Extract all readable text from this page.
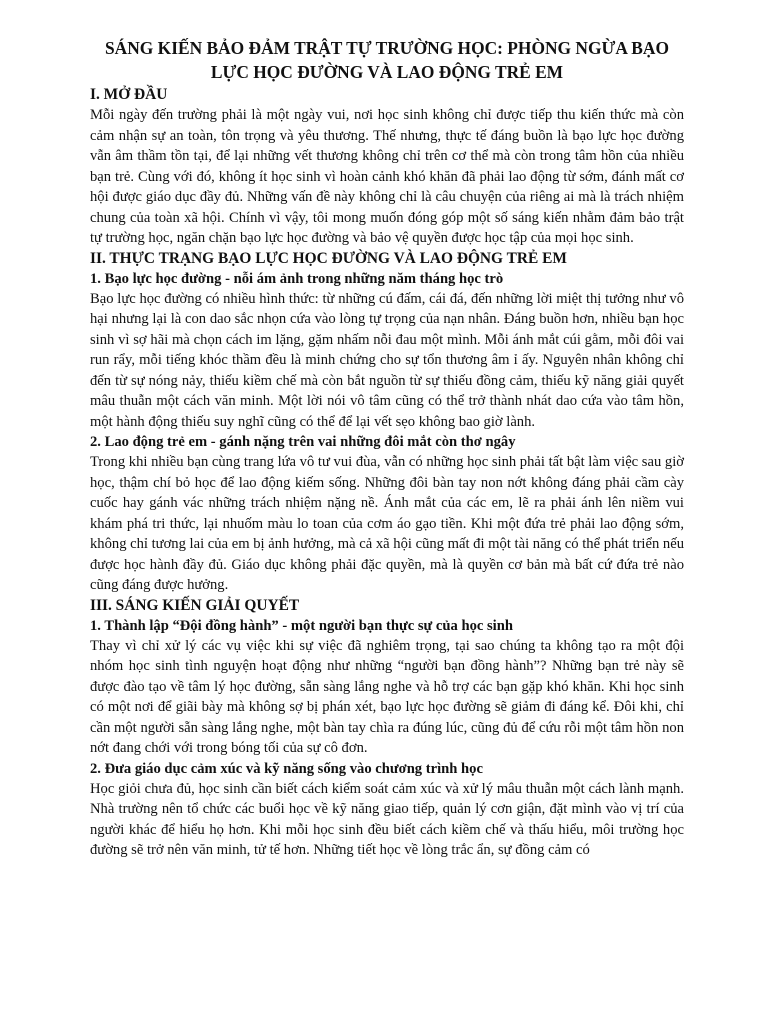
SÁNG KIẾN BẢO ĐẢM TRẬT TỰ TRƯỜNG HỌC: PHÒNG NGỪA BẠO LỰC HỌC ĐƯỜNG VÀ LAO ĐỘNG TRẺ EM
I. MỞ ĐẦU

Mỗi ngày đến trường phải là một ngày vui, nơi học sinh không chỉ được tiếp thu kiến thức mà còn cảm nhận sự an toàn, tôn trọng và yêu thương. Thế nhưng, thực tế đáng buồn là bạo lực học đường vẫn âm thầm tồn tại, để lại những vết thương không chỉ trên cơ thể mà còn trong tâm hồn của nhiều bạn trẻ. Cùng với đó, không ít học sinh vì hoàn cảnh khó khăn đã phải lao động từ sớm, đánh mất cơ hội được giáo dục đầy đủ. Những vấn đề này không chỉ là câu chuyện của riêng ai mà là trách nhiệm chung của toàn xã hội. Chính vì vậy, tôi mong muốn đóng góp một số sáng kiến nhằm đảm bảo trật tự trường học, ngăn chặn bạo lực học đường và bảo vệ quyền được học tập của mọi học sinh.

II. THỰC TRẠNG BẠO LỰC HỌC ĐƯỜNG VÀ LAO ĐỘNG TRẺ EM
1. Bạo lực học đường - nỗi ám ảnh trong những năm tháng học trò

Bạo lực học đường có nhiều hình thức: từ những cú đấm, cái đá, đến những lời miệt thị tưởng như vô hại nhưng lại là con dao sắc nhọn cứa vào lòng tự trọng của nạn nhân. Đáng buồn hơn, nhiều bạn học sinh vì sợ hãi mà chọn cách im lặng, gặm nhấm nỗi đau một mình. Mỗi ánh mắt cúi gằm, mỗi đôi vai run rẩy, mỗi tiếng khóc thầm đều là minh chứng cho sự tổn thương âm ỉ ấy. Nguyên nhân không chỉ đến từ sự nóng nảy, thiếu kiềm chế mà còn bắt nguồn từ sự thiếu đồng cảm, thiếu kỹ năng giải quyết mâu thuẫn một cách văn minh. Một lời nói vô tâm cũng có thể trở thành nhát dao cứa vào tâm hồn, một hành động thiếu suy nghĩ cũng có thể để lại vết sẹo không bao giờ lành.

2. Lao động trẻ em - gánh nặng trên vai những đôi mắt còn thơ ngây

Trong khi nhiều bạn cùng trang lứa vô tư vui đùa, vẫn có những học sinh phải tất bật làm việc sau giờ học, thậm chí bỏ học để lao động kiếm sống. Những đôi bàn tay non nớt không đáng phải cầm cày cuốc hay gánh vác những trách nhiệm nặng nề. Ánh mắt của các em, lẽ ra phải ánh lên niềm vui khám phá tri thức, lại nhuốm màu lo toan của cơm áo gạo tiền. Khi một đứa trẻ phải lao động sớm, không chỉ tương lai của em bị ảnh hưởng, mà cả xã hội cũng mất đi một tài năng có thể phát triển nếu được học hành đầy đủ. Giáo dục không phải đặc quyền, mà là quyền cơ bản mà bất cứ đứa trẻ nào cũng đáng được hưởng.

III. SÁNG KIẾN GIẢI QUYẾT
1. Thành lập “Đội đồng hành” - một người bạn thực sự của học sinh

Thay vì chỉ xử lý các vụ việc khi sự việc đã nghiêm trọng, tại sao chúng ta không tạo ra một đội nhóm học sinh tình nguyện hoạt động như những “người bạn đồng hành”? Những bạn trẻ này sẽ được đào tạo về tâm lý học đường, sẵn sàng lắng nghe và hỗ trợ các bạn gặp khó khăn. Khi học sinh có một nơi để giãi bày mà không sợ bị phán xét, bạo lực học đường sẽ giảm đi đáng kể. Đôi khi, chỉ cần một người sẵn sàng lắng nghe, một bàn tay chìa ra đúng lúc, cũng đủ để cứu rỗi một tâm hồn non nớt đang chới với trong bóng tối của sự cô đơn.

2. Đưa giáo dục cảm xúc và kỹ năng sống vào chương trình học

Học giỏi chưa đủ, học sinh cần biết cách kiểm soát cảm xúc và xử lý mâu thuẫn một cách lành mạnh. Nhà trường nên tổ chức các buổi học về kỹ năng giao tiếp, quản lý cơn giận, đặt mình vào vị trí của người khác để hiểu họ hơn. Khi mỗi học sinh đều biết cách kiềm chế và thấu hiểu, môi trường học đường sẽ trở nên văn minh, tử tế hơn. Những tiết học về lòng trắc ẩn, sự đồng cảm có
